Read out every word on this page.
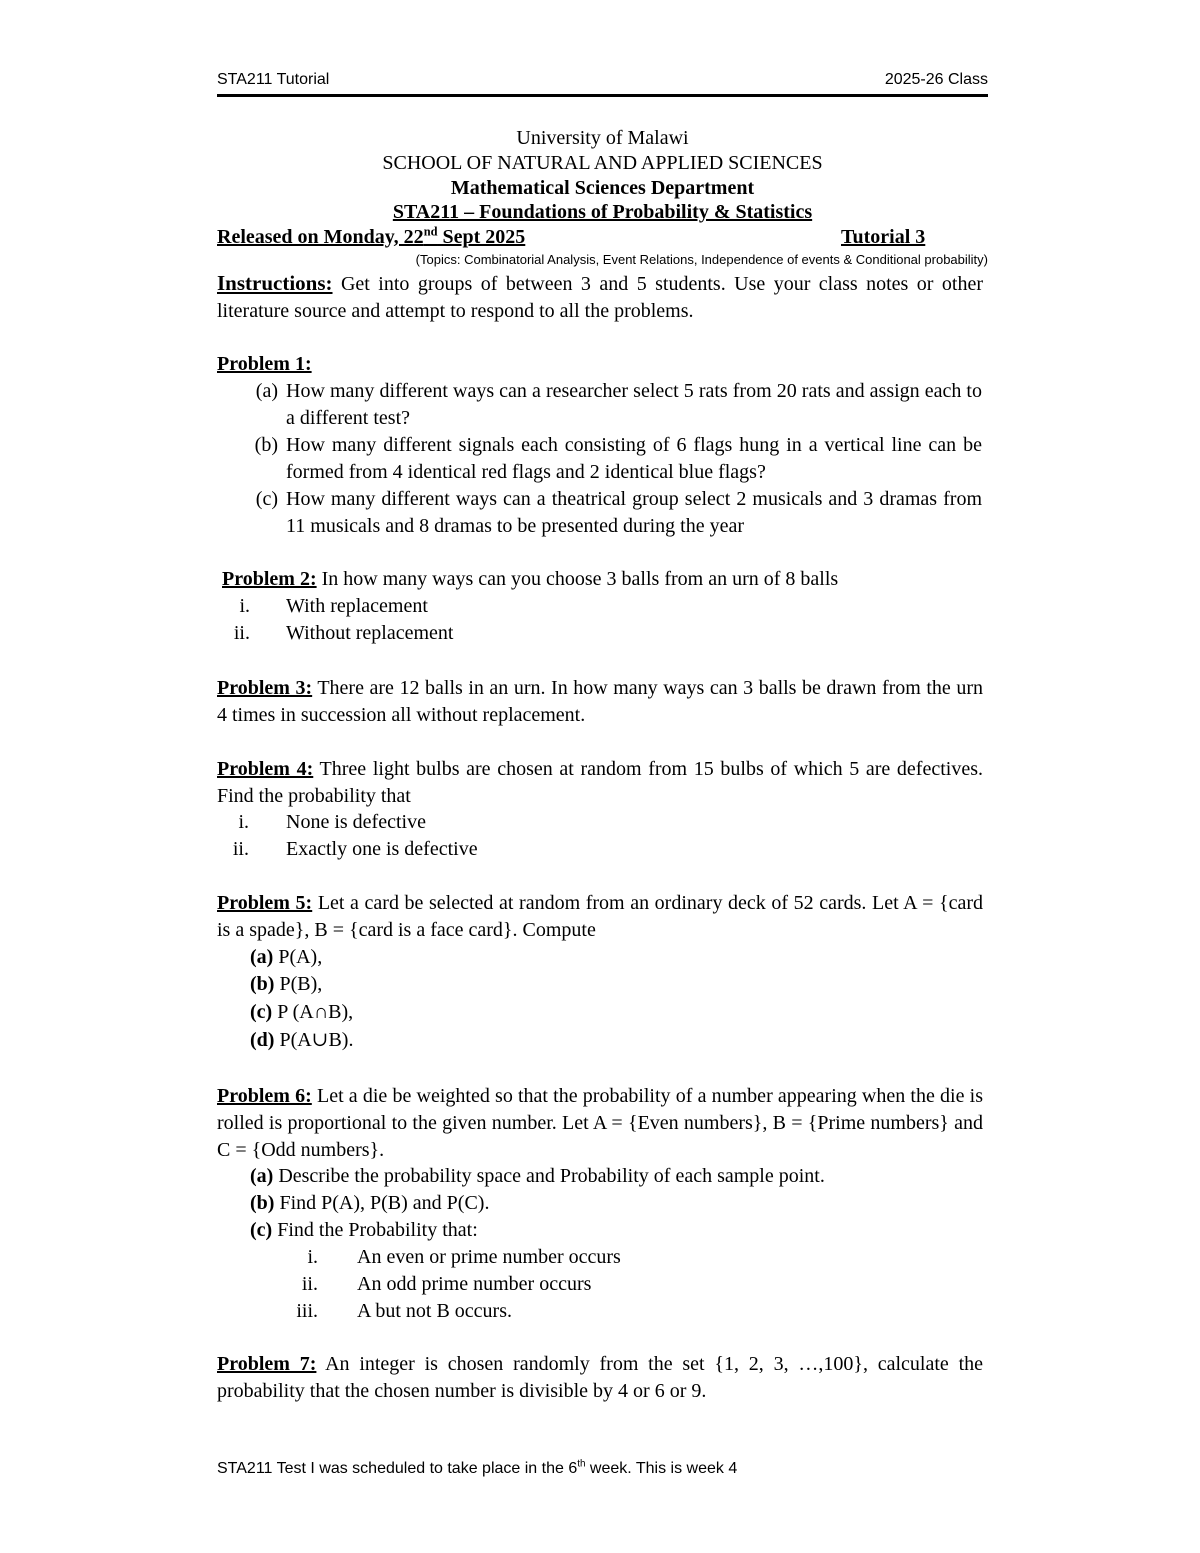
STA211 Tutorial	2025-26 Class
University of Malawi
SCHOOL OF NATURAL AND APPLIED SCIENCES
Mathematical Sciences Department
STA211 – Foundations of Probability & Statistics
Released on Monday, 22nd Sept 2025	Tutorial 3
(Topics: Combinatorial Analysis, Event Relations, Independence of events & Conditional probability)
Instructions: Get into groups of between 3 and 5 students. Use your class notes or other literature source and attempt to respond to all the problems.
Problem 1:
(a) How many different ways can a researcher select 5 rats from 20 rats and assign each to a different test?
(b) How many different signals each consisting of 6 flags hung in a vertical line can be formed from 4 identical red flags and 2 identical blue flags?
(c) How many different ways can a theatrical group select 2 musicals and 3 dramas from 11 musicals and 8 dramas to be presented during the year
Problem 2: In how many ways can you choose 3 balls from an urn of 8 balls
i. With replacement
ii. Without replacement
Problem 3: There are 12 balls in an urn. In how many ways can 3 balls be drawn from the urn 4 times in succession all without replacement.
Problem 4: Three light bulbs are chosen at random from 15 bulbs of which 5 are defectives. Find the probability that
i. None is defective
ii. Exactly one is defective
Problem 5: Let a card be selected at random from an ordinary deck of 52 cards. Let A = {card is a spade}, B = {card is a face card}. Compute
(a) P(A),
(b) P(B),
(c) P (A∩B),
(d) P(A∪B).
Problem 6: Let a die be weighted so that the probability of a number appearing when the die is rolled is proportional to the given number. Let A = {Even numbers}, B = {Prime numbers} and C = {Odd numbers}.
(a) Describe the probability space and Probability of each sample point.
(b) Find P(A), P(B) and P(C).
(c) Find the Probability that:
i. An even or prime number occurs
ii. An odd prime number occurs
iii. A but not B occurs.
Problem 7: An integer is chosen randomly from the set {1, 2, 3, …,100}, calculate the probability that the chosen number is divisible by 4 or 6 or 9.
STA211 Test I was scheduled to take place in the 6th week. This is week 4
